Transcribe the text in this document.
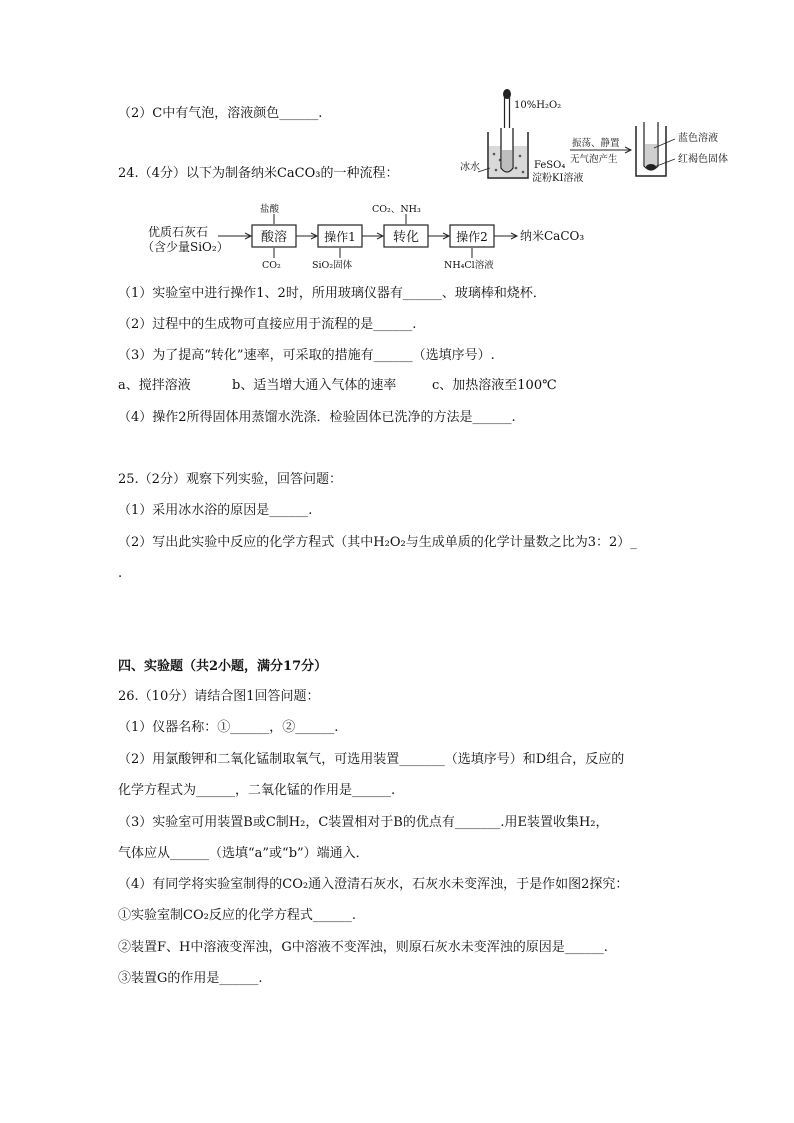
（2）C中有气泡，溶液颜色______.
10%H₂O₂
冰水	FeSO₄
淀粉KI溶液
振荡、静置
无气泡产生
蓝色溶液
红褐色固体
24.（4分）以下为制备纳米CaCO₃的一种流程：
优质石灰石
（含少量SiO₂）
酸溶
盐酸
CO₂
操作1
SiO₂固体
转化
CO₂、NH₃
操作2
NH₄Cl溶液
纳米CaCO₃
（1）实验室中进行操作1、2时，所用玻璃仪器有______、玻璃棒和烧杯．
（2）过程中的生成物可直接应用于流程的是______.
（3）为了提高“转化”速率，可采取的措施有______（选填序号）.
a、搅拌溶液	b、适当增大通入气体的速率	c、加热溶液至100℃
（4）操作2所得固体用蒸馏水洗涤．检验固体已洗净的方法是______.
25.（2分）观察下列实验，回答问题：
（1）采用冰水浴的原因是______.
（2）写出此实验中反应的化学方程式（其中H₂O₂与生成单质的化学计量数之比为3：2）_
.
四、实验题（共2小题，满分17分）
26.（10分）请结合图1回答问题：
（1）仪器名称：①______，②______.
（2）用氯酸钾和二氧化锰制取氧气，可选用装置_______（选填序号）和D组合，反应的
化学方程式为______，二氧化锰的作用是______.
（3）实验室可用装置B或C制H₂，C装置相对于B的优点有_______.用E装置收集H₂，
气体应从______（选填“a”或“b”）端通入．
（4）有同学将实验室制得的CO₂通入澄清石灰水，石灰水未变浑浊，于是作如图2探究：
①实验室制CO₂反应的化学方程式______.
②装置F、H中溶液变浑浊，G中溶液不变浑浊，则原石灰水未变浑浊的原因是______.
③装置G的作用是______.
